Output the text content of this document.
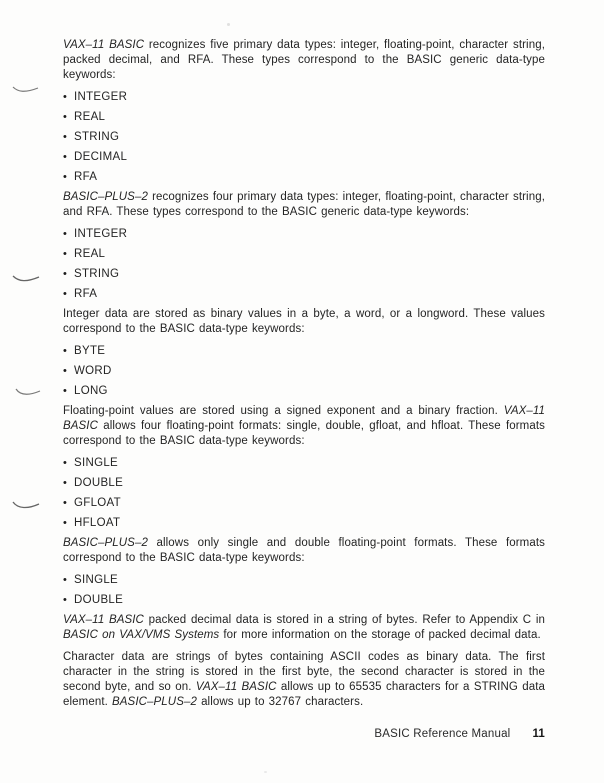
VAX–11 BASIC recognizes five primary data types: integer, floating-point, character string, packed decimal, and RFA. These types correspond to the BASIC generic data-type keywords:

• INTEGER
• REAL
• STRING
• DECIMAL
• RFA

BASIC–PLUS–2 recognizes four primary data types: integer, floating-point, character string, and RFA. These types correspond to the BASIC generic data-type keywords:

• INTEGER
• REAL
• STRING
• RFA

Integer data are stored as binary values in a byte, a word, or a longword. These values correspond to the BASIC data-type keywords:

• BYTE
• WORD
• LONG

Floating-point values are stored using a signed exponent and a binary fraction. VAX–11 BASIC allows four floating-point formats: single, double, gfloat, and hfloat. These formats correspond to the BASIC data-type keywords:

• SINGLE
• DOUBLE
• GFLOAT
• HFLOAT

BASIC–PLUS–2 allows only single and double floating-point formats. These formats correspond to the BASIC data-type keywords:

• SINGLE
• DOUBLE

VAX–11 BASIC packed decimal data is stored in a string of bytes. Refer to Appendix C in BASIC on VAX/VMS Systems for more information on the storage of packed decimal data.

Character data are strings of bytes containing ASCII codes as binary data. The first character in the string is stored in the first byte, the second character is stored in the second byte, and so on. VAX–11 BASIC allows up to 65535 characters for a STRING data element. BASIC–PLUS–2 allows up to 32767 characters.

BASIC Reference Manual 11
